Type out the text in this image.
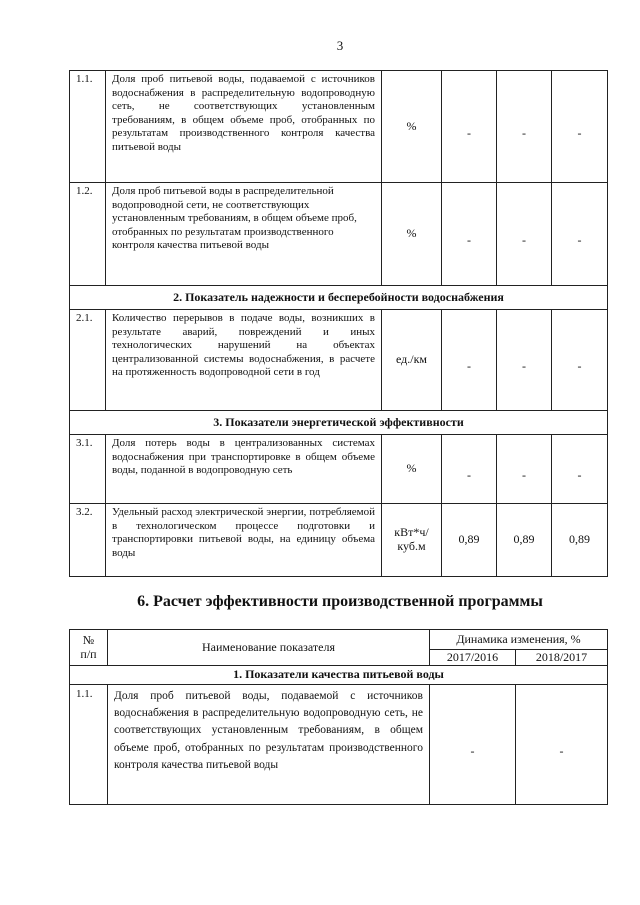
3
1.1.	Доля проб питьевой воды, подаваемой с источников водоснабжения в распределительную водопроводную сеть, не соответствующих установленным требованиям, в общем объеме проб, отобранных по результатам производственного контроля качества питьевой воды	%	-	-	-
1.2.	Доля проб питьевой воды в распределительной водопроводной сети, не соответствующих установленным требованиям, в общем объеме проб, отобранных по результатам производственного контроля качества питьевой воды	%	-	-	-
2. Показатель надежности и бесперебойности водоснабжения					
2.1.	Количество перерывов в подаче воды, возникших в результате аварий, повреждений и иных технологических нарушений на объектах централизованной системы водоснабжения, в расчете на протяженность водопроводной сети в год	ед./км	-	-	-
3. Показатели энергетической эффективности					
3.1.	Доля потерь воды в централизованных системах водоснабжения при транспортировке в общем объеме воды, поданной в водопроводную сеть	%	-	-	-
3.2.	Удельный расход электрической энергии, потребляемой в технологическом процессе подготовки и транспортировки питьевой воды, на единицу объема воды	кВт*ч/ куб.м	0,89	0,89	0,89
6. Расчет эффективности производственной программы
№
п/п	Наименование показателя	Динамика изменения, %	
		2017/2016	2018/2017
1. Показатели качества питьевой воды			
1.1.	Доля проб питьевой воды, подаваемой с источников водоснабжения в распределительную водопроводную сеть, не соответствующих установленным требованиям, в общем объеме проб, отобранных по результатам производственного контроля качества питьевой воды	-	-
